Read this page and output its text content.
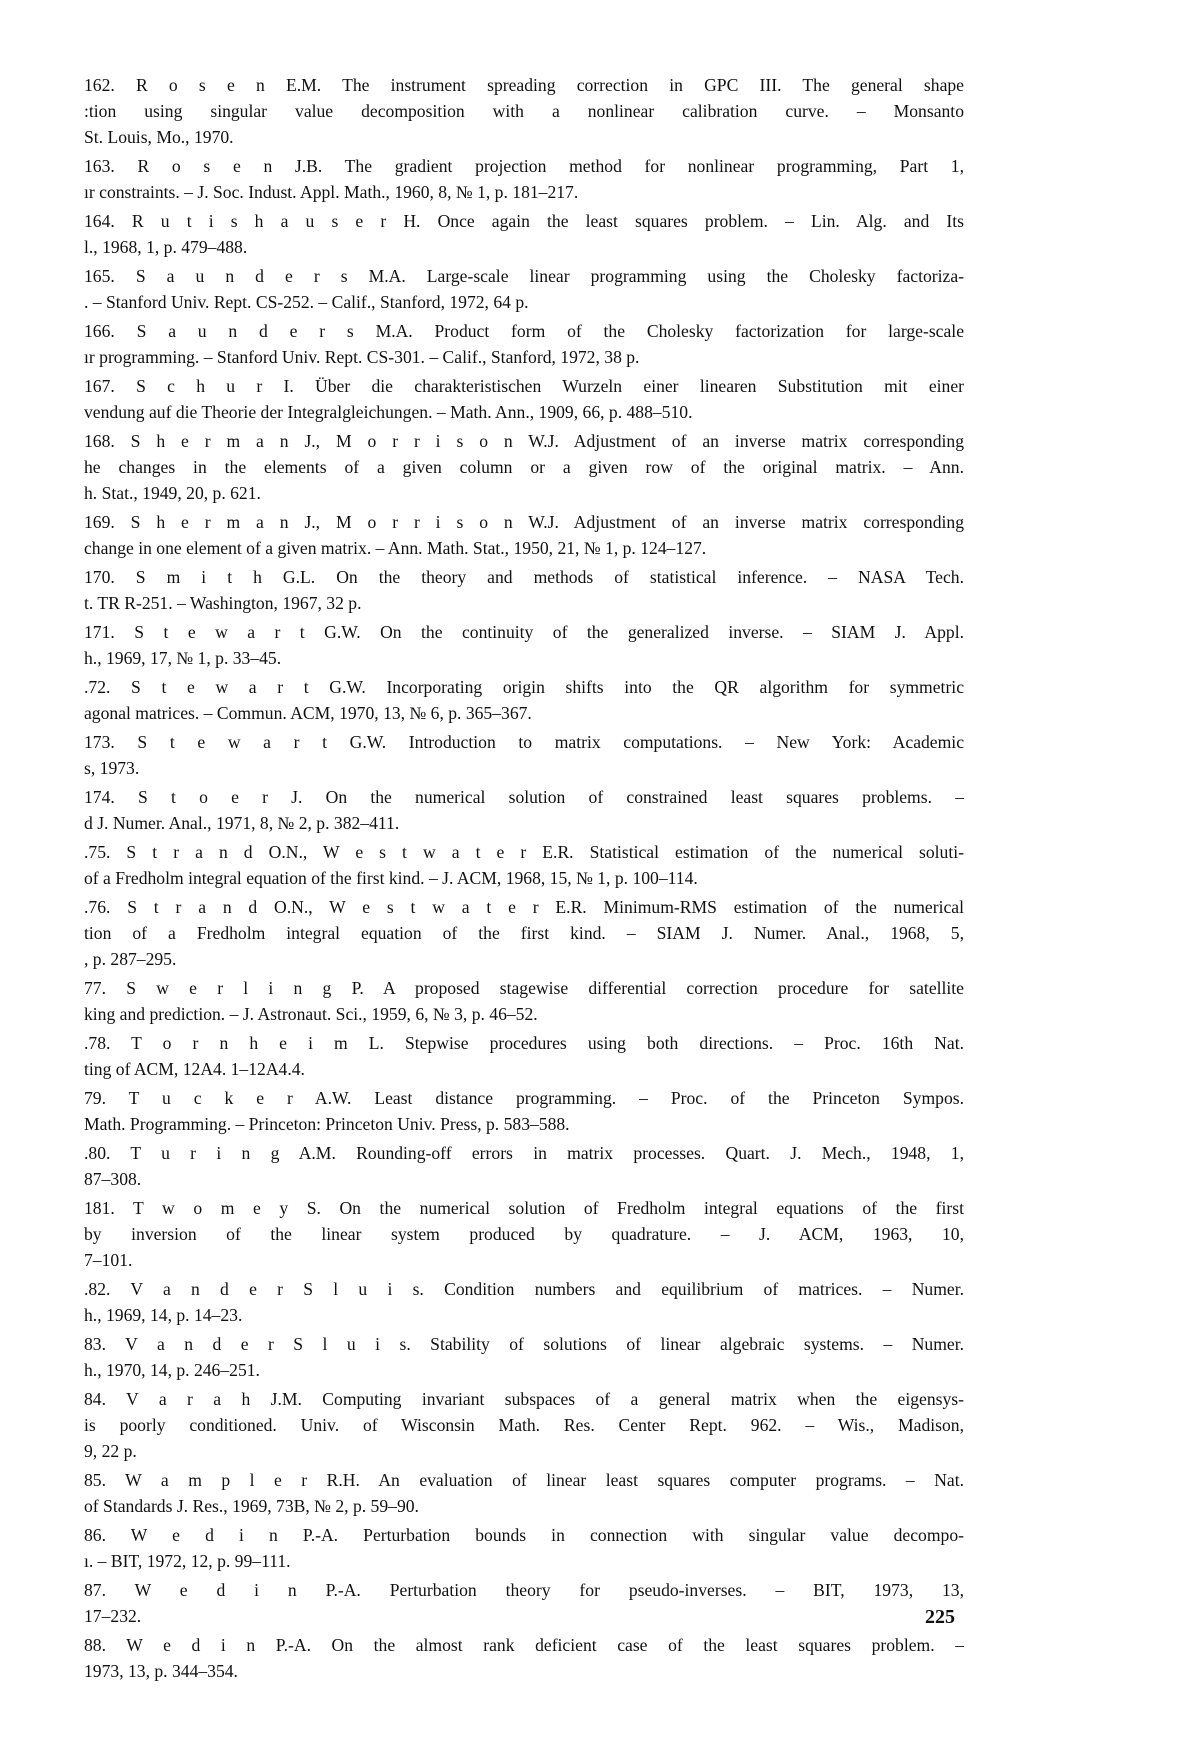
162. R o s e n E.M. The instrument spreading correction in GPC III. The general shape
:tion using singular value decomposition with a nonlinear calibration curve. – Monsanto
St. Louis, Mo., 1970.
163. R o s e n J.B. The gradient projection method for nonlinear programming, Part 1,
ır constraints. – J. Soc. Indust. Appl. Math., 1960, 8, № 1, p. 181–217.
164. R u t i s h a u s e r H. Once again the least squares problem. – Lin. Alg. and Its
l., 1968, 1, p. 479–488.
165. S a u n d e r s M.A. Large-scale linear programming using the Cholesky factoriza-
. – Stanford Univ. Rept. CS-252. – Calif., Stanford, 1972, 64 p.
166. S a u n d e r s M.A. Product form of the Cholesky factorization for large-scale
ır programming. – Stanford Univ. Rept. CS-301. – Calif., Stanford, 1972, 38 p.
167. S c h u r I. Über die charakteristischen Wurzeln einer linearen Substitution mit einer
vendung auf die Theorie der Integralgleichungen. – Math. Ann., 1909, 66, p. 488–510.
168. S h e r m a n J., M o r r i s o n W.J. Adjustment of an inverse matrix corresponding
he changes in the elements of a given column or a given row of the original matrix. – Ann.
h. Stat., 1949, 20, p. 621.
169. S h e r m a n J., M o r r i s o n W.J. Adjustment of an inverse matrix corresponding
change in one element of a given matrix. – Ann. Math. Stat., 1950, 21, № 1, p. 124–127.
170. S m i t h G.L. On the theory and methods of statistical inference. – NASA Tech.
t. TR R-251. – Washington, 1967, 32 p.
171. S t e w a r t G.W. On the continuity of the generalized inverse. – SIAM J. Appl.
h., 1969, 17, № 1, p. 33–45.
.72. S t e w a r t G.W. Incorporating origin shifts into the QR algorithm for symmetric
agonal matrices. – Commun. ACM, 1970, 13, № 6, p. 365–367.
173. S t e w a r t G.W. Introduction to matrix computations. – New York: Academic
s, 1973.
174. S t o e r J. On the numerical solution of constrained least squares problems. –
d J. Numer. Anal., 1971, 8, № 2, p. 382–411.
.75. S t r a n d O.N., W e s t w a t e r E.R. Statistical estimation of the numerical soluti-
of a Fredholm integral equation of the first kind. – J. ACM, 1968, 15, № 1, p. 100–114.
.76. S t r a n d O.N., W e s t w a t e r E.R. Minimum-RMS estimation of the numerical
tion of a Fredholm integral equation of the first kind. – SIAM J. Numer. Anal., 1968, 5,
, p. 287–295.
77. S w e r l i n g P. A proposed stagewise differential correction procedure for satellite
king and prediction. – J. Astronaut. Sci., 1959, 6, № 3, p. 46–52.
.78. T o r n h e i m L. Stepwise procedures using both directions. – Proc. 16th Nat.
ting of ACM, 12A4. 1–12A4.4.
79. T u c k e r A.W. Least distance programming. – Proc. of the Princeton Sympos.
Math. Programming. – Princeton: Princeton Univ. Press, p. 583–588.
.80. T u r i n g A.M. Rounding-off errors in matrix processes. Quart. J. Mech., 1948, 1,
87–308.
181. T w o m e y S. On the numerical solution of Fredholm integral equations of the first
by inversion of the linear system produced by quadrature. – J. ACM, 1963, 10,
7–101.
.82. V a n d e r S l u i s. Condition numbers and equilibrium of matrices. – Numer.
h., 1969, 14, p. 14–23.
83. V a n d e r S l u i s. Stability of solutions of linear algebraic systems. – Numer.
h., 1970, 14, p. 246–251.
84. V a r a h J.M. Computing invariant subspaces of a general matrix when the eigensys-
is poorly conditioned. Univ. of Wisconsin Math. Res. Center Rept. 962. – Wis., Madison,
9, 22 p.
85. W a m p l e r R.H. An evaluation of linear least squares computer programs. – Nat.
of Standards J. Res., 1969, 73B, № 2, p. 59–90.
86. W e d i n P.-A. Perturbation bounds in connection with singular value decompo-
ı. – BIT, 1972, 12, p. 99–111.
87. W e d i n P.-A. Perturbation theory for pseudo-inverses. – BIT, 1973, 13,
17–232.
88. W e d i n P.-A. On the almost rank deficient case of the least squares problem. –
1973, 13, p. 344–354.
225
